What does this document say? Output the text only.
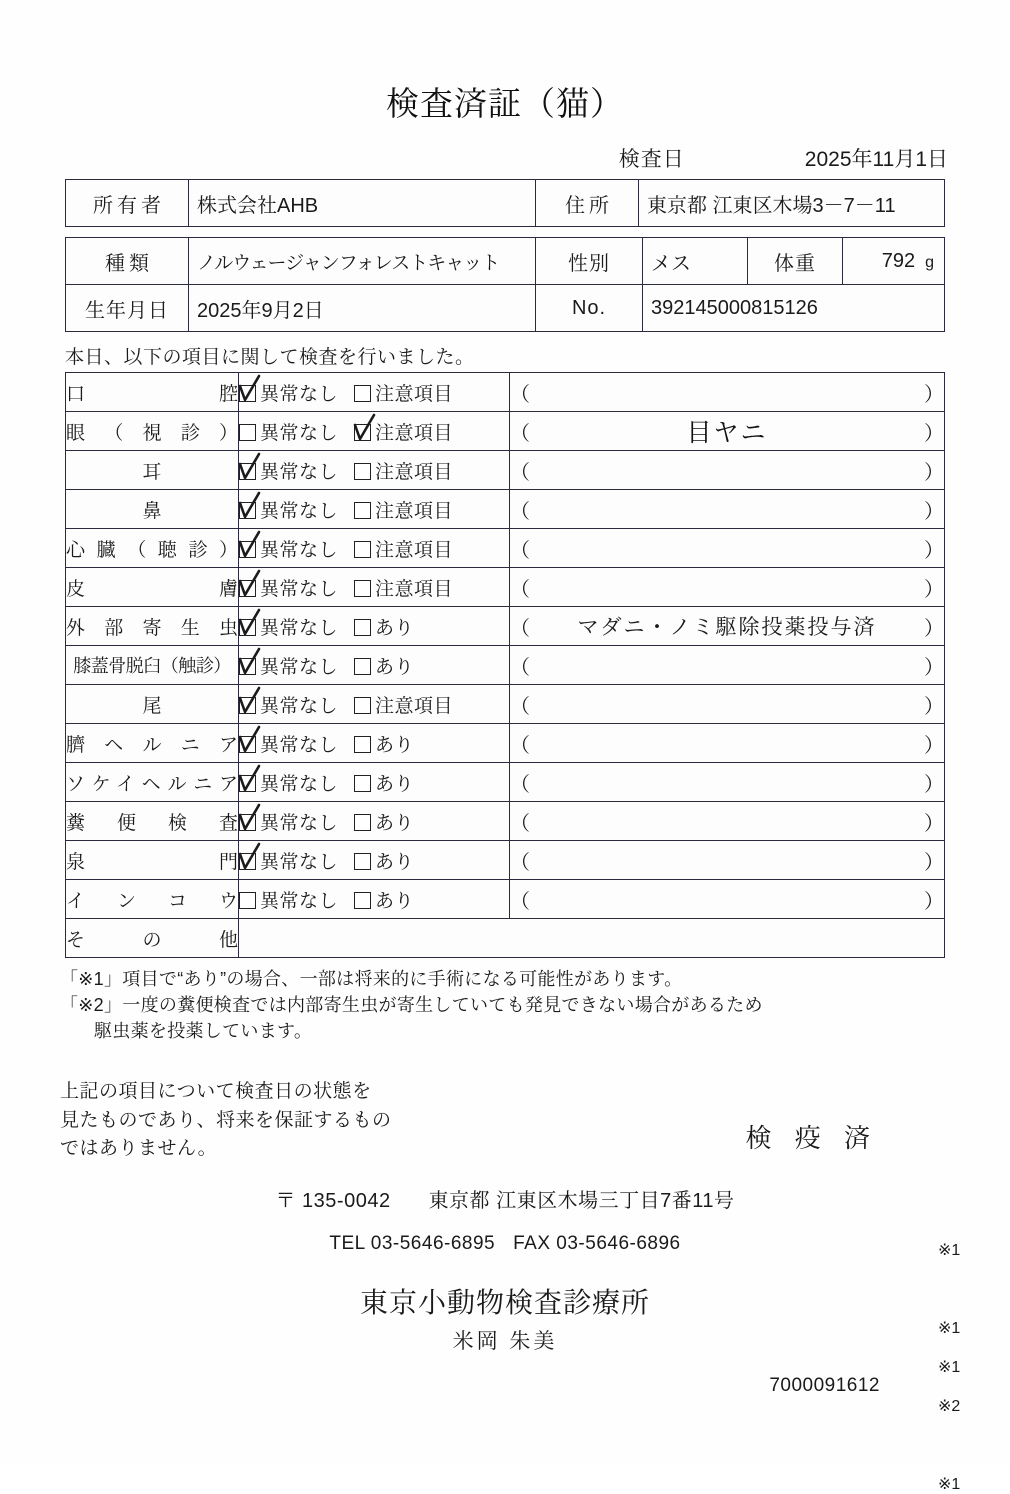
検査済証（猫）
検査日	2025年11月1日
所有者	株式会社AHB	住所	東京都 江東区木場3－7－11
種類	ノルウェージャンフォレストキャット	性別	メス	体重	792 g
生年月日	2025年9月2日	No.	392145000815126		
本日、以下の項目に関して検査を行いました。
口腔	異常なし 注意項目	（ ）

眼（視診）	異常なし 注意項目	（ 目ヤニ ）

耳	異常なし 注意項目	（ ）

鼻	異常なし 注意項目	（ ）

心臓（聴診）	異常なし 注意項目	（ ）

皮膚	異常なし 注意項目	（ ）

外部寄生虫	異常なし あり	（ マダニ・ノミ駆除投薬投与済 ）

膝蓋骨脱臼（触診）	異常なし あり	（ ）

尾	異常なし 注意項目	（ ）

臍ヘルニア	異常なし あり	（ ）

ソケイヘルニア	異常なし あり	（ ）

糞便検査	異常なし あり	（ ）

泉門	異常なし あり	（ ）

インコウ	異常なし あり	（ ）

その他		
※1
※1
※1
※2
※1
「※1」項目で“あり”の場合、一部は将来的に手術になる可能性があります。
「※2」一度の糞便検査では内部寄生虫が寄生していても発見できない場合があるため
駆虫薬を投薬しています。
上記の項目について検査日の状態を
見たものであり、将来を保証するもの
ではありません。	検 疫 済
〒 135-0042 東京都 江東区木場三丁目7番11号
TEL 03-5646-6895 FAX 03-5646-6896
東京小動物検査診療所
米岡 朱美
7000091612
